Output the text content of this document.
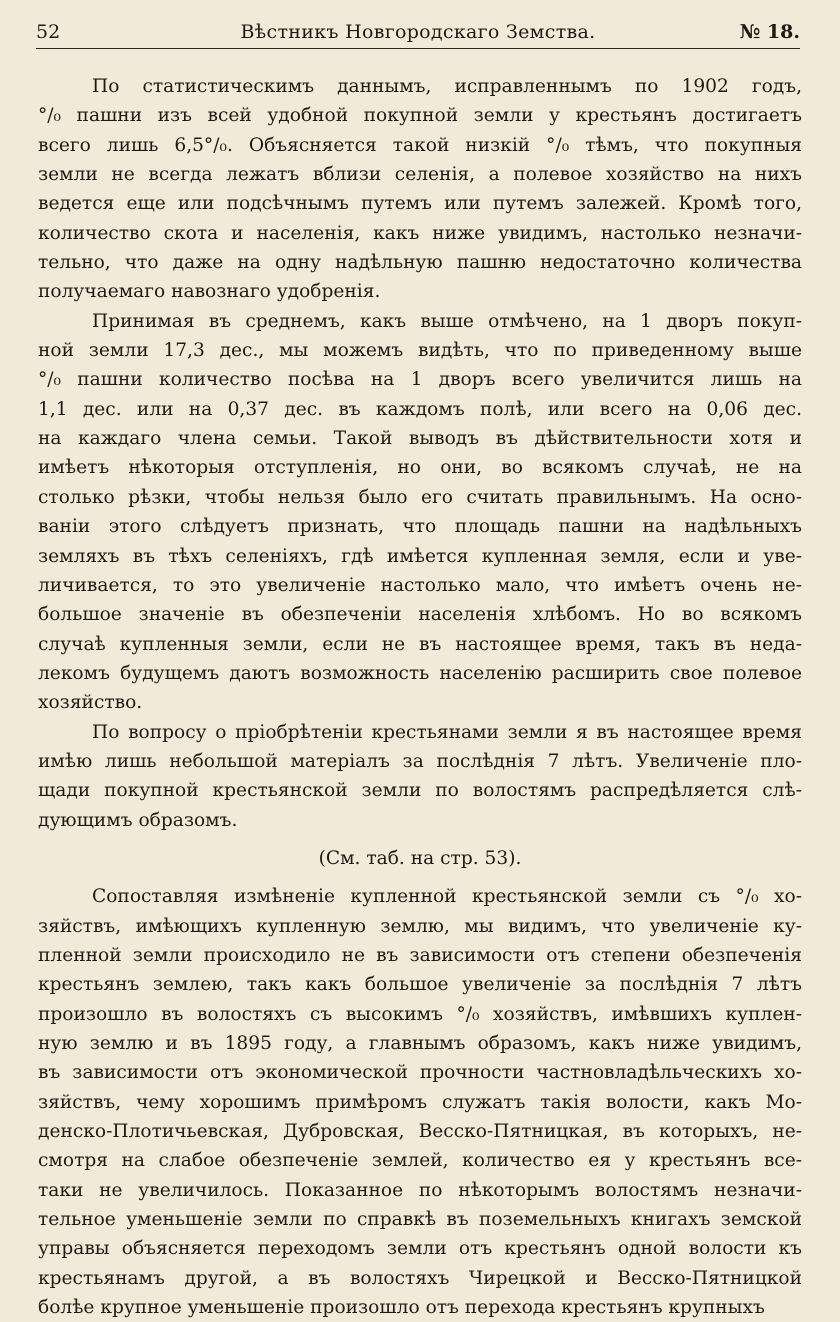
52	Вѣстникъ Новгородскаго Земства.	№ 18.
По статистическимъ даннымъ, исправленнымъ по 1902 годъ,
°/₀ пашни изъ всей удобной покупной земли у крестьянъ достигаетъ
всего лишь 6,5°/₀. Объясняется такой низкій °/₀ тѣмъ, что покупныя
земли не всегда лежатъ вблизи селенія, а полевое хозяйство на нихъ
ведется еще или подсѣчнымъ путемъ или путемъ залежей. Кромѣ того,
количество скота и населенія, какъ ниже увидимъ, настолько незначи-
тельно, что даже на одну надѣльную пашню недостаточно количества
получаемаго навознаго удобренія.
Принимая въ среднемъ, какъ выше отмѣчено, на 1 дворъ покуп-
ной земли 17,3 дес., мы можемъ видѣть, что по приведенному выше
°/₀ пашни количество посѣва на 1 дворъ всего увеличится лишь на
1,1 дес. или на 0,37 дес. въ каждомъ полѣ, или всего на 0,06 дес.
на каждаго члена семьи. Такой выводъ въ дѣйствительности хотя и
имѣетъ нѣкоторыя отступленія, но они, во всякомъ случаѣ, не на
столько рѣзки, чтобы нельзя было его считать правильнымъ. На осно-
ваніи этого слѣдуетъ признать, что площадь пашни на надѣльныхъ
земляхъ въ тѣхъ селеніяхъ, гдѣ имѣется купленная земля, если и уве-
личивается, то это увеличеніе настолько мало, что имѣетъ очень не-
большое значеніе въ обезпеченіи населенія хлѣбомъ. Но во всякомъ
случаѣ купленныя земли, если не въ настоящее время, такъ въ неда-
лекомъ будущемъ даютъ возможность населенію расширить свое полевое
хозяйство.
По вопросу о пріобрѣтеніи крестьянами земли я въ настоящее время
имѣю лишь небольшой матеріалъ за послѣднія 7 лѣтъ. Увеличеніе пло-
щади покупной крестьянской земли по волостямъ распредѣляется слѣ-
дующимъ образомъ.
(См. таб. на стр. 53).
Сопоставляя измѣненіе купленной крестьянской земли съ °/₀ хо-
зяйствъ, имѣющихъ купленную землю, мы видимъ, что увеличеніе ку-
пленной земли происходило не въ зависимости отъ степени обезпеченія
крестьянъ землею, такъ какъ большое увеличеніе за послѣднія 7 лѣтъ
произошло въ волостяхъ съ высокимъ °/₀ хозяйствъ, имѣвшихъ куплен-
ную землю и въ 1895 году, а главнымъ образомъ, какъ ниже увидимъ,
въ зависимости отъ экономической прочности частновладѣльческихъ хо-
зяйствъ, чему хорошимъ примѣромъ служатъ такія волости, какъ Мо-
денско-Плотичьевская, Дубровская, Весско-Пятницкая, въ которыхъ, не-
смотря на слабое обезпеченіе землей, количество ея у крестьянъ все-
таки не увеличилось. Показанное по нѣкоторымъ волостямъ незначи-
тельное уменьшеніе земли по справкѣ въ поземельныхъ книгахъ земской
управы объясняется переходомъ земли отъ крестьянъ одной волости къ
крестьянамъ другой, а въ волостяхъ Чирецкой и Весско-Пятницкой
болѣе крупное уменьшеніе произошло отъ перехода крестьянъ крупныхъ
